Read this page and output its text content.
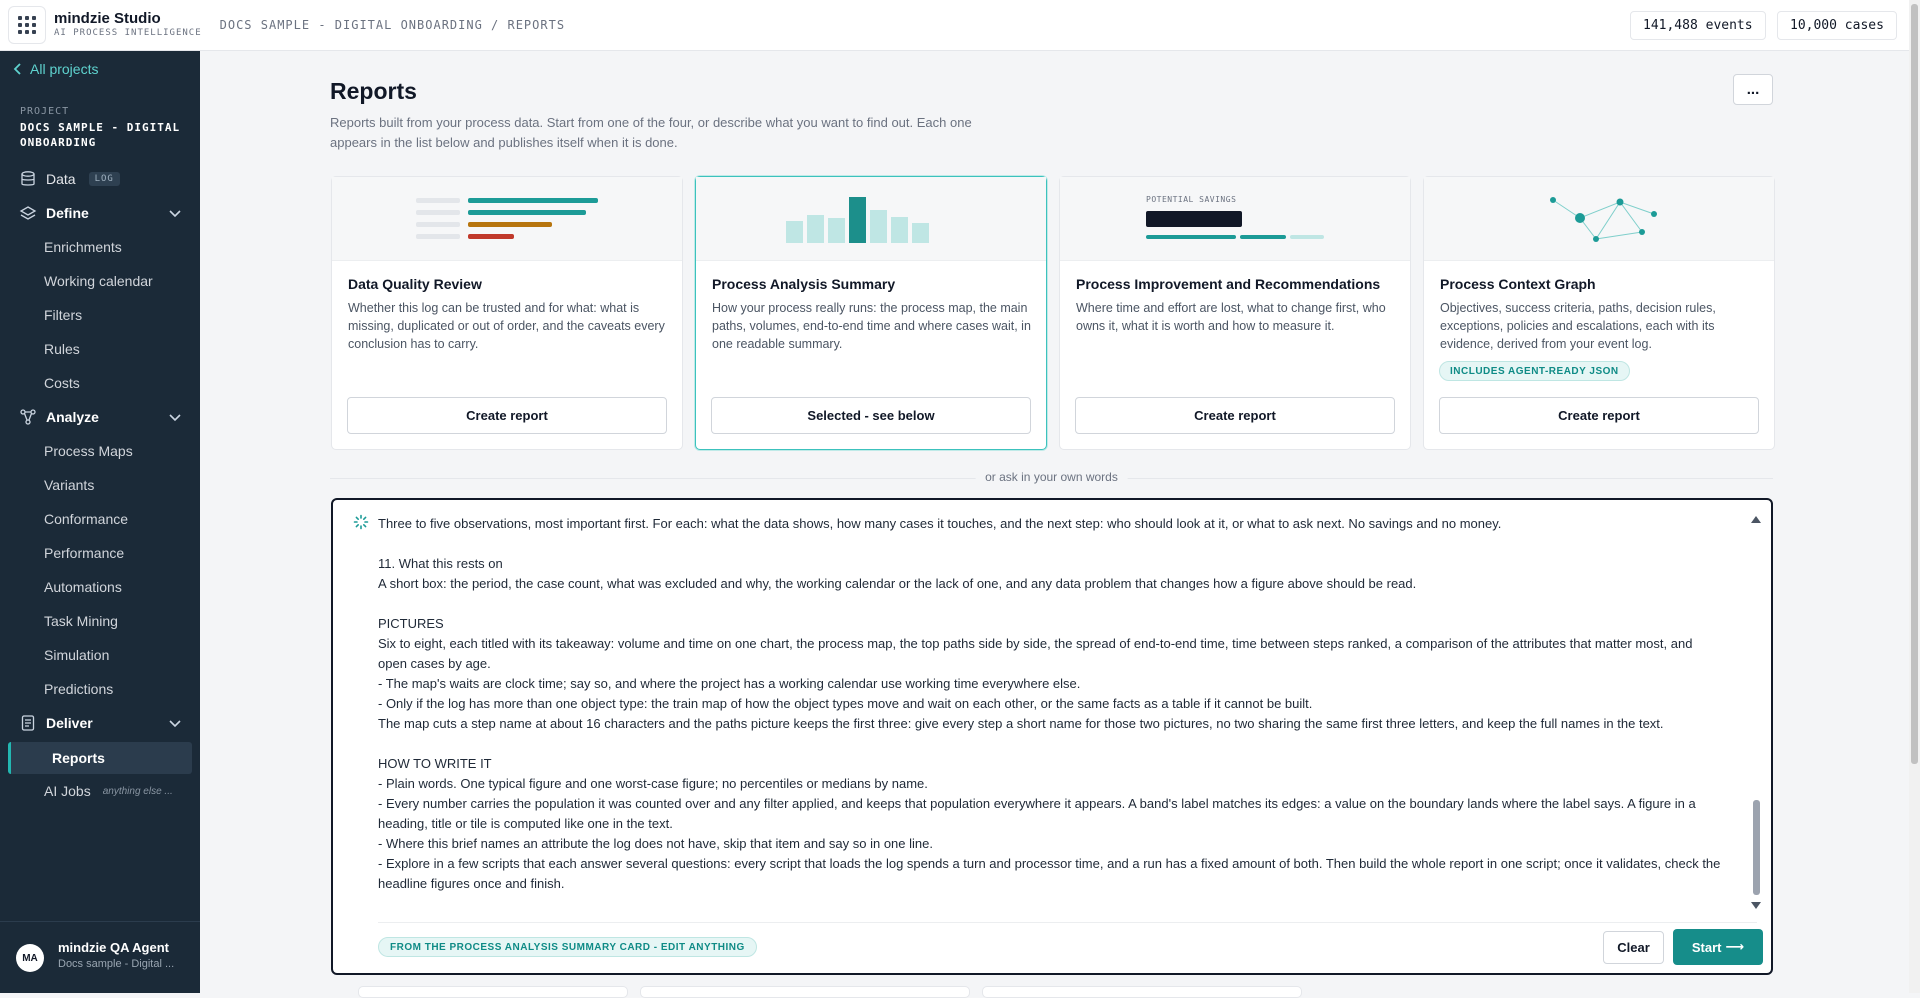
mindzie Studio
AI PROCESS INTELLIGENCE
DOCS SAMPLE - DIGITAL ONBOARDING / REPORTS	141,488 events	10,000 cases
All projects
PROJECT
DOCS SAMPLE - DIGITAL ONBOARDING
Data	LOG
Define
Enrichments
Working calendar
Filters
Rules
Costs
Analyze
Process Maps
Variants
Conformance
Performance
Automations
Task Mining
Simulation
Predictions
Deliver
Reports
AI Jobs anything else ...
MA
mindzie QA Agent
Docs sample - Digital ...
Reports
Reports built from your process data. Start from one of the four, or describe what you want to find out. Each one appears in the list below and publishes itself when it is done.
...
Data Quality Review
Whether this log can be trusted and for what: what is missing, duplicated or out of order, and the caveats every conclusion has to carry.
Create report
Process Analysis Summary
How your process really runs: the process map, the main paths, volumes, end-to-end time and where cases wait, in one readable summary.
Selected - see below
POTENTIAL SAVINGS
Process Improvement and Recommendations
Where time and effort are lost, what to change first, who owns it, what it is worth and how to measure it.
Create report
Process Context Graph
Objectives, success criteria, paths, decision rules, exceptions, policies and escalations, each with its evidence, derived from your event log.
INCLUDES AGENT-READY JSON
Create report
or ask in your own words
Three to five observations, most important first. For each: what the data shows, how many cases it touches, and the next step: who should look at it, or what to ask next. No savings and no money.

11. What this rests on
A short box: the period, the case count, what was excluded and why, the working calendar or the lack of one, and any data problem that changes how a figure above should be read.

PICTURES
Six to eight, each titled with its takeaway: volume and time on one chart, the process map, the top paths side by side, the spread of end-to-end time, time between steps ranked, a comparison of the attributes that matter most, and open cases by age.
- The map's waits are clock time; say so, and where the project has a working calendar use working time everywhere else.
- Only if the log has more than one object type: the train map of how the object types move and wait on each other, or the same facts as a table if it cannot be built.
The map cuts a step name at about 16 characters and the paths picture keeps the first three: give every step a short name for those two pictures, no two sharing the same first three letters, and keep the full names in the text.

HOW TO WRITE IT
- Plain words. One typical figure and one worst-case figure; no percentiles or medians by name.
- Every number carries the population it was counted over and any filter applied, and keeps that population everywhere it appears. A band's label matches its edges: a value on the boundary lands where the label says. A figure in a heading, title or tile is computed like one in the text.
- Where this brief names an attribute the log does not have, skip that item and say so in one line.
- Explore in a few scripts that each answer several questions: every script that loads the log spends a turn and processor time, and a run has a fixed amount of both. Then build the whole report in one script; once it validates, check the headline figures once and finish.
FROM THE PROCESS ANALYSIS SUMMARY CARD - EDIT ANYTHING	Clear	Start ⟶
